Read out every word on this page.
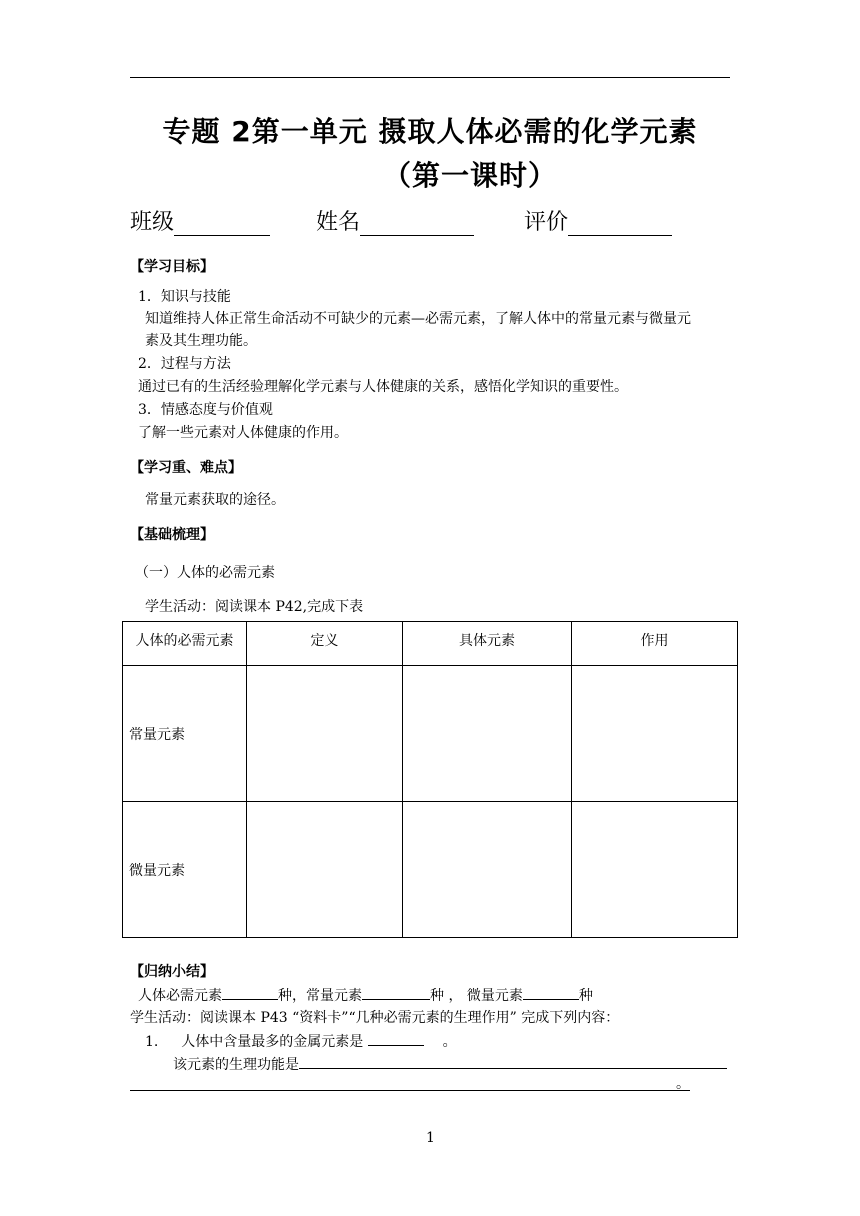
专题 2第一单元 摄取人体必需的化学元素
（第一课时）
班级	姓名	评价
【学习目标】
1．知识与技能
知道维持人体正常生命活动不可缺少的元素—必需元素，了解人体中的常量元素与微量元
素及其生理功能。
2．过程与方法
通过已有的生活经验理解化学元素与人体健康的关系，感悟化学知识的重要性。
3．情感态度与价值观
了解一些元素对人体健康的作用。
【学习重、难点】
常量元素获取的途径。
【基础梳理】
（一）人体的必需元素
学生活动：阅读课本 P42,完成下表
人体的必需元素	定义	具体元素	作用

常量元素			

微量元素			

【归纳小结】
人体必需元素	种，常量元素	种 ， 微量元素	种
学生活动：阅读课本 P43 “资料卡”“几种必需元素的生理作用” 完成下列内容：
1. 人体中含量最多的金属元素是	。
该元素的生理功能是
。
1
